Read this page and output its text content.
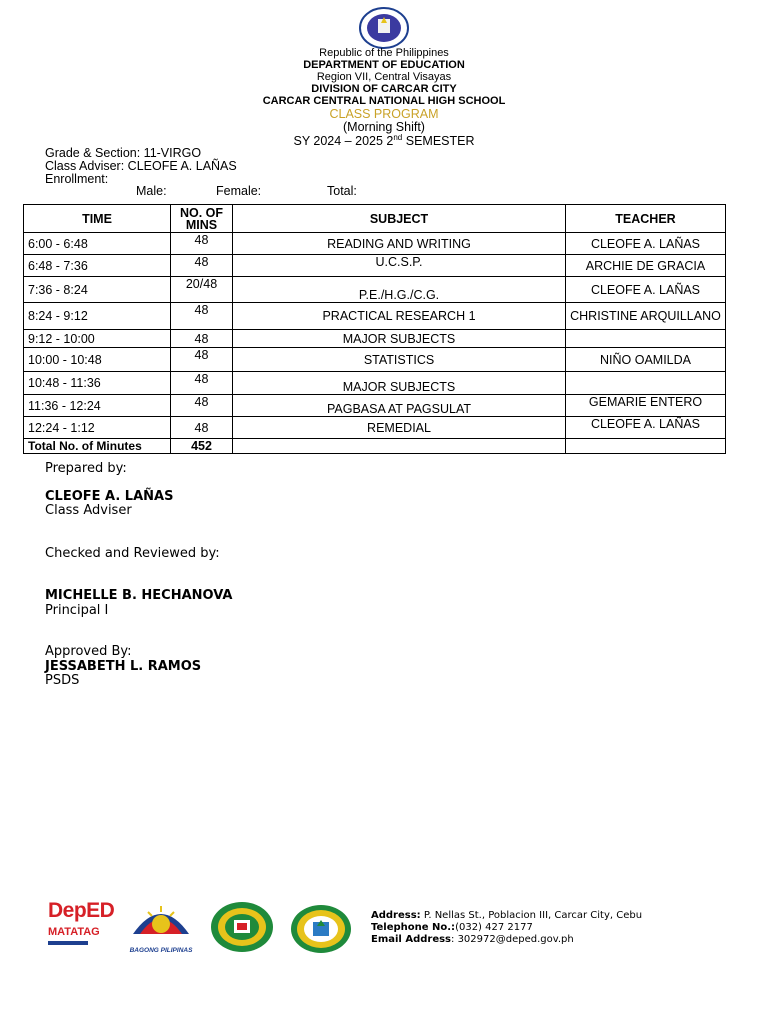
Republic of the Philippines
DEPARTMENT OF EDUCATION
Region VII, Central Visayas
DIVISION OF CARCAR CITY
CARCAR CENTRAL NATIONAL HIGH SCHOOL
CLASS PROGRAM
(Morning Shift)
SY 2024 – 2025 2nd SEMESTER
Grade & Section: 11-VIRGO
Class Adviser: CLEOFE A. LAÑAS
Enrollment:
Male:	Female:	Total:
TIME	NO. OF MINS	SUBJECT	TEACHER
6:00 - 6:48	48	READING AND WRITING	CLEOFE A. LAÑAS
6:48 - 7:36	48	U.C.S.P.	ARCHIE DE GRACIA
7:36 - 8:24	20/48	P.E./H.G./C.G.	CLEOFE A. LAÑAS
8:24 - 9:12	48	PRACTICAL RESEARCH 1	CHRISTINE ARQUILLANO
9:12 - 10:00	48	MAJOR SUBJECTS	
10:00 - 10:48	48	STATISTICS	NIÑO OAMILDA
10:48 - 11:36	48	MAJOR SUBJECTS	
11:36 - 12:24	48	PAGBASA AT PAGSULAT	GEMARIE ENTERO
12:24 - 1:12	48	REMEDIAL	CLEOFE A. LAÑAS
Total No. of Minutes	452		
Prepared by:
CLEOFE A. LAÑAS
Class Adviser
Checked and Reviewed by:
MICHELLE B. HECHANOVA
Principal I
Approved By:
JESSABETH L. RAMOS
PSDS
DepED
MATATAG
BAGONG PILIPINAS
Address: P. Nellas St., Poblacion III, Carcar City, Cebu
Telephone No.:(032) 427 2177
Email Address: 302972@deped.gov.ph
